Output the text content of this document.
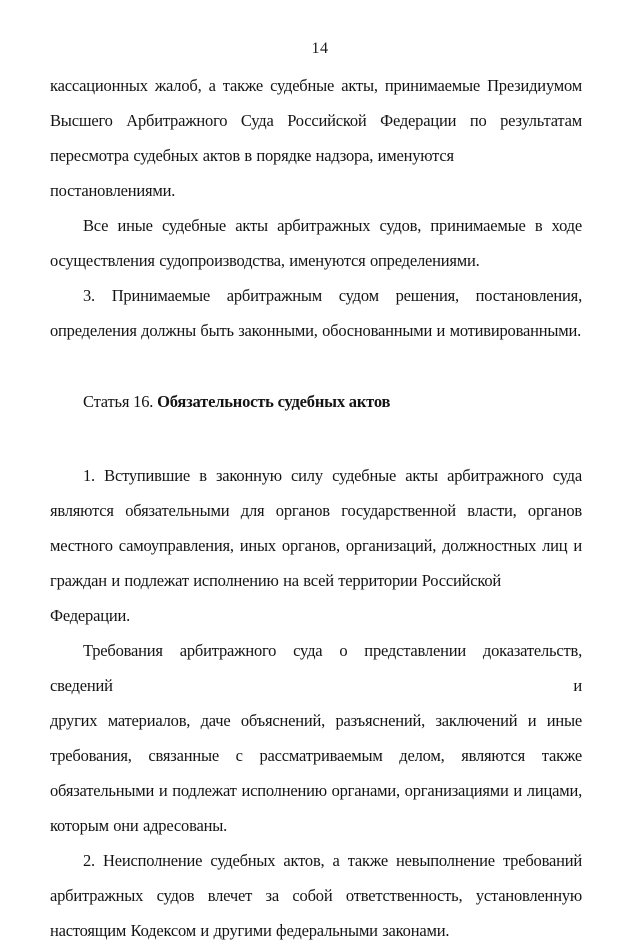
14
кассационных жалоб, а также судебные акты, принимаемые Президиумом
Высшего Арбитражного Суда Российской Федерации по результатам
пересмотра судебных актов в порядке надзора, именуются постановлениями.
Все иные судебные акты арбитражных судов, принимаемые в ходе
осуществления судопроизводства, именуются определениями.
3. Принимаемые арбитражным судом решения, постановления,
определения должны быть законными, обоснованными и мотивированными.
Статья 16. Обязательность судебных актов
1. Вступившие в законную силу судебные акты арбитражного суда
являются обязательными для органов государственной власти, органов
местного самоуправления, иных органов, организаций, должностных лиц и
граждан и подлежат исполнению на всей территории Российской Федерации.
Требования арбитражного суда о представлении доказательств, сведений и
других материалов, даче объяснений, разъяснений, заключений и иные
требования, связанные с рассматриваемым делом, являются также
обязательными и подлежат исполнению органами, организациями и лицами,
которым они адресованы.
2. Неисполнение судебных актов, а также невыполнение требований
арбитражных судов влечет за собой ответственность, установленную
настоящим Кодексом и другими федеральными законами.
